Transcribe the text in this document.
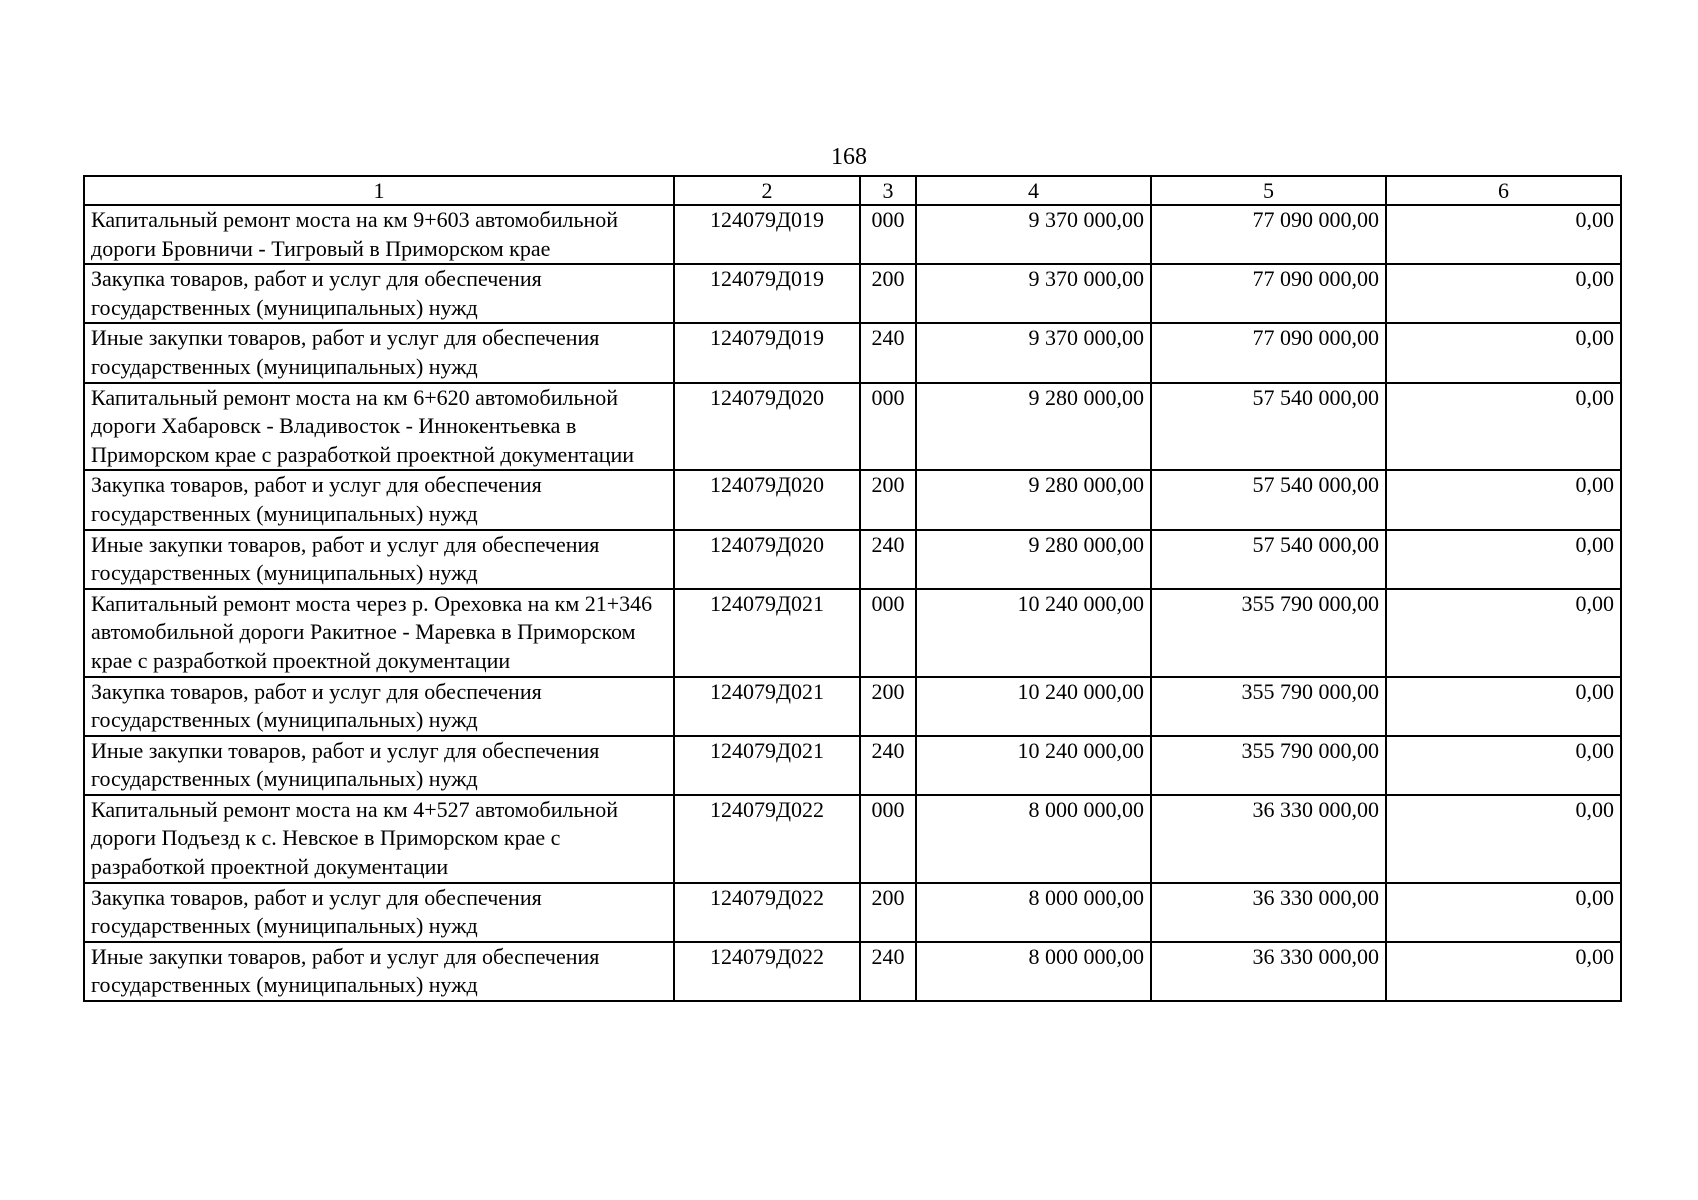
168
1	2	3	4	5	6
Капитальный ремонт моста на км 9+603 автомобильной дороги Бровничи - Тигровый в Приморском крае	124079Д019	000	9 370 000,00	77 090 000,00	0,00
Закупка товаров, работ и услуг для обеспечения государственных (муниципальных) нужд	124079Д019	200	9 370 000,00	77 090 000,00	0,00
Иные закупки товаров, работ и услуг для обеспечения государственных (муниципальных) нужд	124079Д019	240	9 370 000,00	77 090 000,00	0,00
Капитальный ремонт моста на км 6+620 автомобильной дороги Хабаровск - Владивосток - Иннокентьевка в Приморском крае с разработкой проектной документации	124079Д020	000	9 280 000,00	57 540 000,00	0,00
Закупка товаров, работ и услуг для обеспечения государственных (муниципальных) нужд	124079Д020	200	9 280 000,00	57 540 000,00	0,00
Иные закупки товаров, работ и услуг для обеспечения государственных (муниципальных) нужд	124079Д020	240	9 280 000,00	57 540 000,00	0,00
Капитальный ремонт моста через р. Ореховка на км 21+346 автомобильной дороги Ракитное - Маревка в Приморском крае с разработкой проектной документации	124079Д021	000	10 240 000,00	355 790 000,00	0,00
Закупка товаров, работ и услуг для обеспечения государственных (муниципальных) нужд	124079Д021	200	10 240 000,00	355 790 000,00	0,00
Иные закупки товаров, работ и услуг для обеспечения государственных (муниципальных) нужд	124079Д021	240	10 240 000,00	355 790 000,00	0,00
Капитальный ремонт моста на км 4+527 автомобильной дороги Подъезд к с. Невское в Приморском крае с разработкой проектной документации	124079Д022	000	8 000 000,00	36 330 000,00	0,00
Закупка товаров, работ и услуг для обеспечения государственных (муниципальных) нужд	124079Д022	200	8 000 000,00	36 330 000,00	0,00
Иные закупки товаров, работ и услуг для обеспечения государственных (муниципальных) нужд	124079Д022	240	8 000 000,00	36 330 000,00	0,00
